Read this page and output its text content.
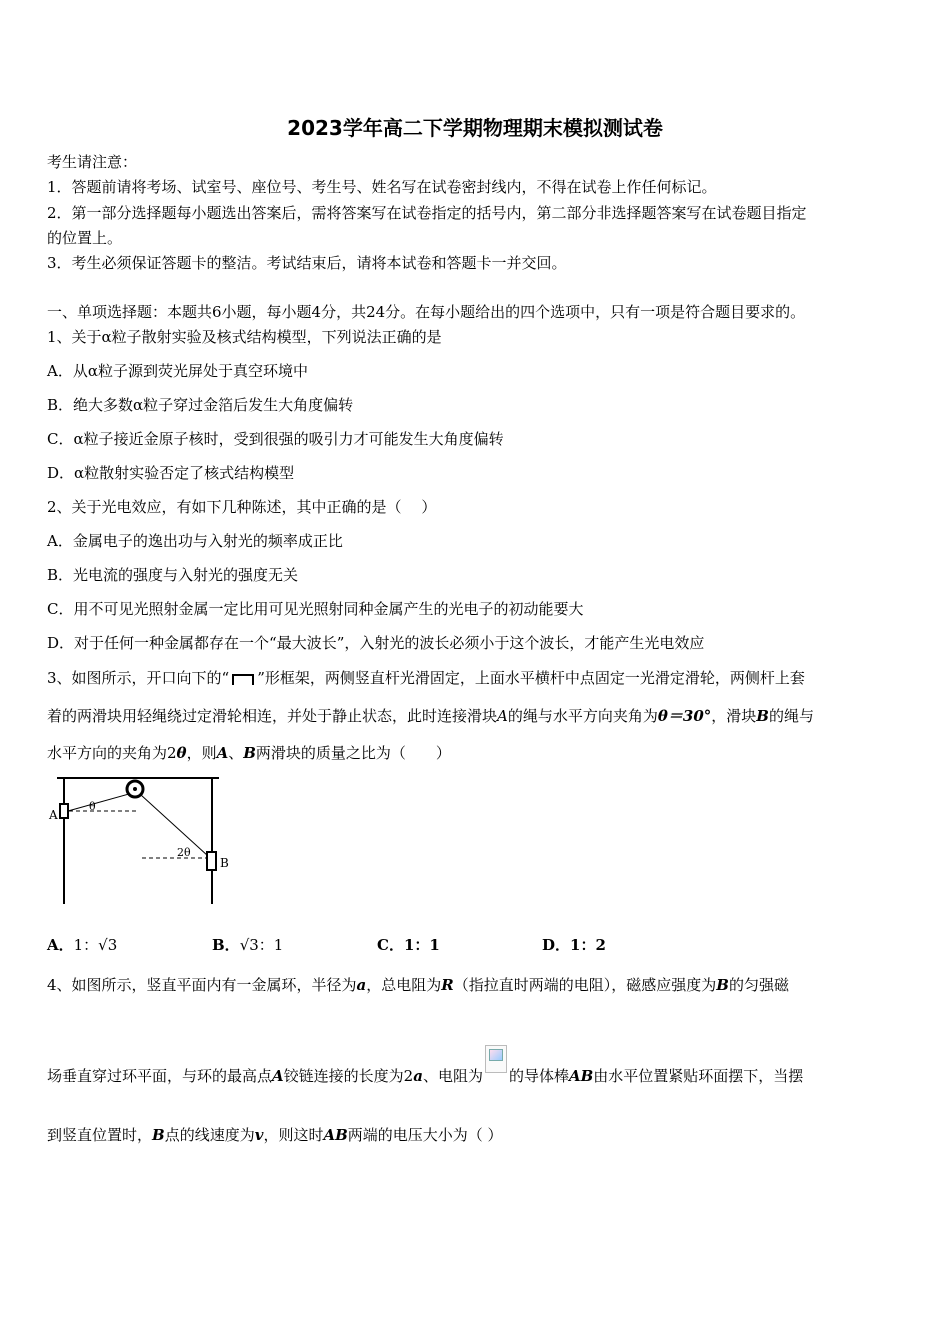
2023学年高二下学期物理期末模拟测试卷
考生请注意：
1．答题前请将考场、试室号、座位号、考生号、姓名写在试卷密封线内，不得在试卷上作任何标记。
2．第一部分选择题每小题选出答案后，需将答案写在试卷指定的括号内，第二部分非选择题答案写在试卷题目指定
的位置上。
3．考生必须保证答题卡的整洁。考试结束后，请将本试卷和答题卡一并交回。
一、单项选择题：本题共6小题，每小题4分，共24分。在每小题给出的四个选项中，只有一项是符合题目要求的。
1、关于α粒子散射实验及核式结构模型，下列说法正确的是
A．从α粒子源到荧光屏处于真空环境中
B．绝大多数α粒子穿过金箔后发生大角度偏转
C．α粒子接近金原子核时，受到很强的吸引力才可能发生大角度偏转
D．α粒散射实验否定了核式结构模型
2、关于光电效应，有如下几种陈述，其中正确的是（　 ）
A．金属电子的逸出功与入射光的频率成正比
B．光电流的强度与入射光的强度无关
C．用不可见光照射金属一定比用可见光照射同种金属产生的光电子的初动能要大
D．对于任何一种金属都存在一个“最大波长”，入射光的波长必须小于这个波长，才能产生光电效应
3、如图所示，开口向下的“ ”形框架，两侧竖直杆光滑固定，上面水平横杆中点固定一光滑定滑轮，两侧杆上套
着的两滑块用轻绳绕过定滑轮相连，并处于静止状态，此时连接滑块A的绳与水平方向夹角为θ＝30°，滑块B的绳与
水平方向的夹角为2θ，则A、B两滑块的质量之比为（　　）
A
B
θ
2θ
A．1：√3	B．√3：1	C．1：1	D．1：2
4、如图所示，竖直平面内有一金属环，半径为a，总电阻为R（指拉直时两端的电阻），磁感应强度为B的匀强磁
场垂直穿过环平面，与环的最高点A铰链连接的长度为2a、电阻为 的导体棒AB由水平位置紧贴环面摆下，当摆
到竖直位置时，B点的线速度为v，则这时AB两端的电压大小为（ ）
